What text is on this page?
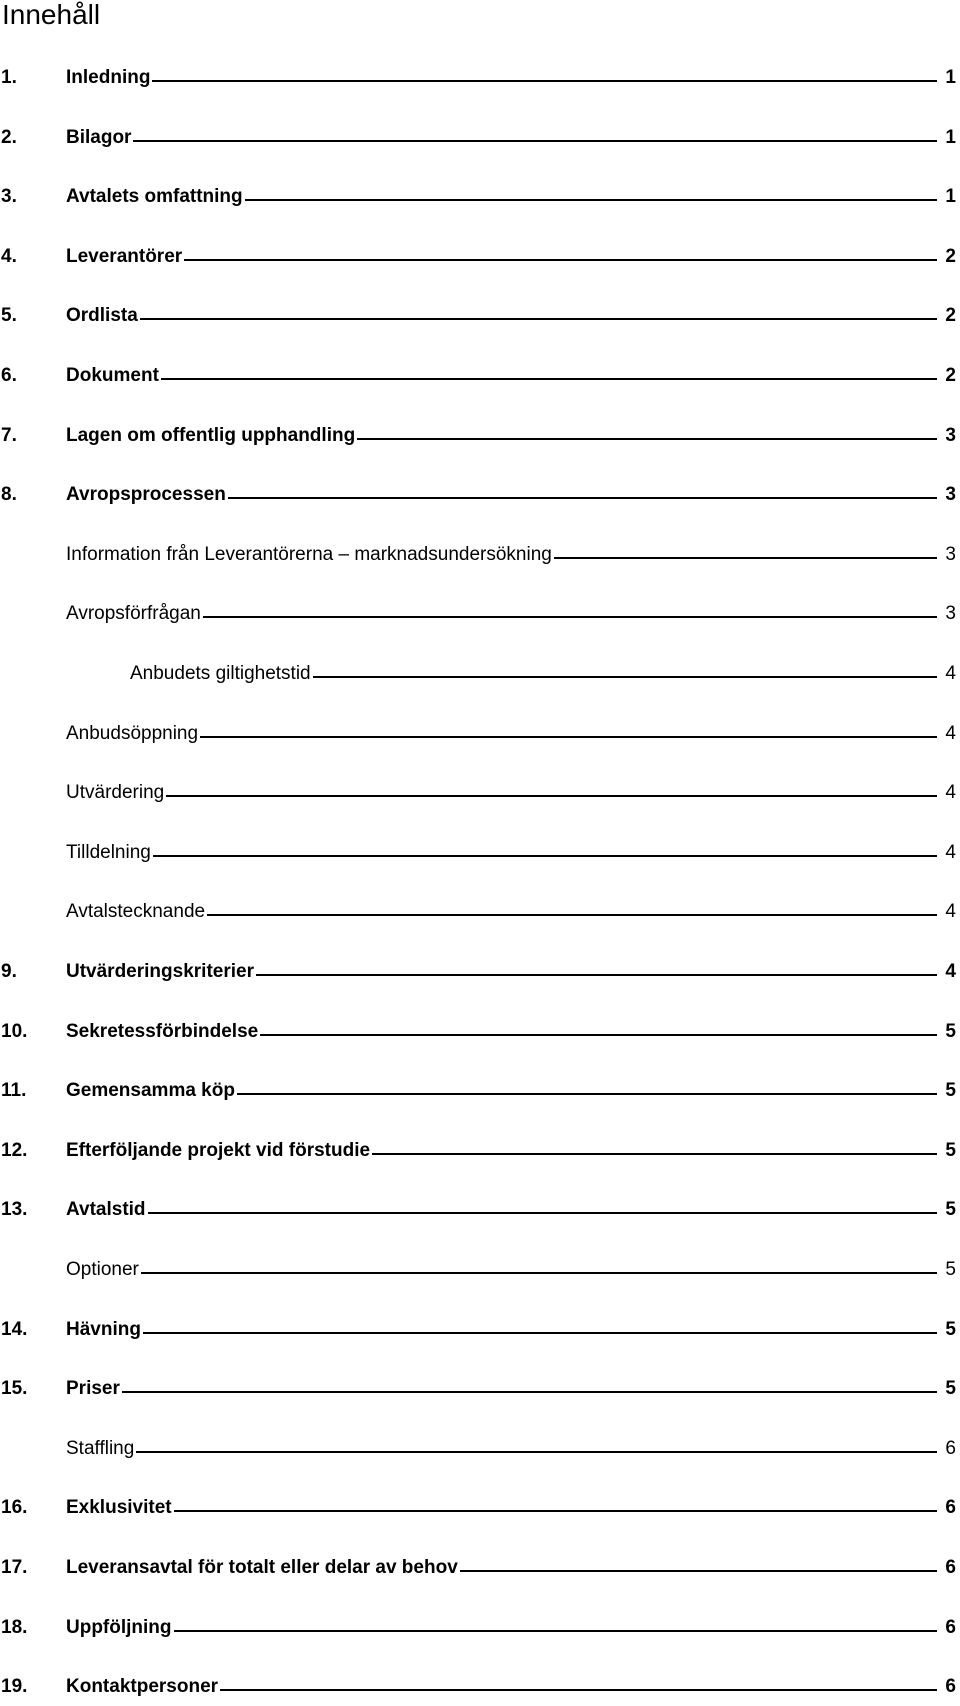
Innehåll
1.	Inledning	1
2.	Bilagor	1
3.	Avtalets omfattning	1
4.	Leverantörer	2
5.	Ordlista	2
6.	Dokument	2
7.	Lagen om offentlig upphandling	3
8.	Avropsprocessen	3
Information från Leverantörerna – marknadsundersökning	3
Avropsförfrågan	3
Anbudets giltighetstid	4
Anbudsöppning	4
Utvärdering	4
Tilldelning	4
Avtalstecknande	4
9.	Utvärderingskriterier	4
10. Sekretessförbindelse	5
11. Gemensamma köp	5
12. Efterföljande projekt vid förstudie	5
13. Avtalstid	5
Optioner	5
14. Hävning	5
15. Priser	5
Staffling	6
16. Exklusivitet	6
17. Leveransavtal för totalt eller delar av behov	6
18. Uppföljning	6
19. Kontaktpersoner	6
